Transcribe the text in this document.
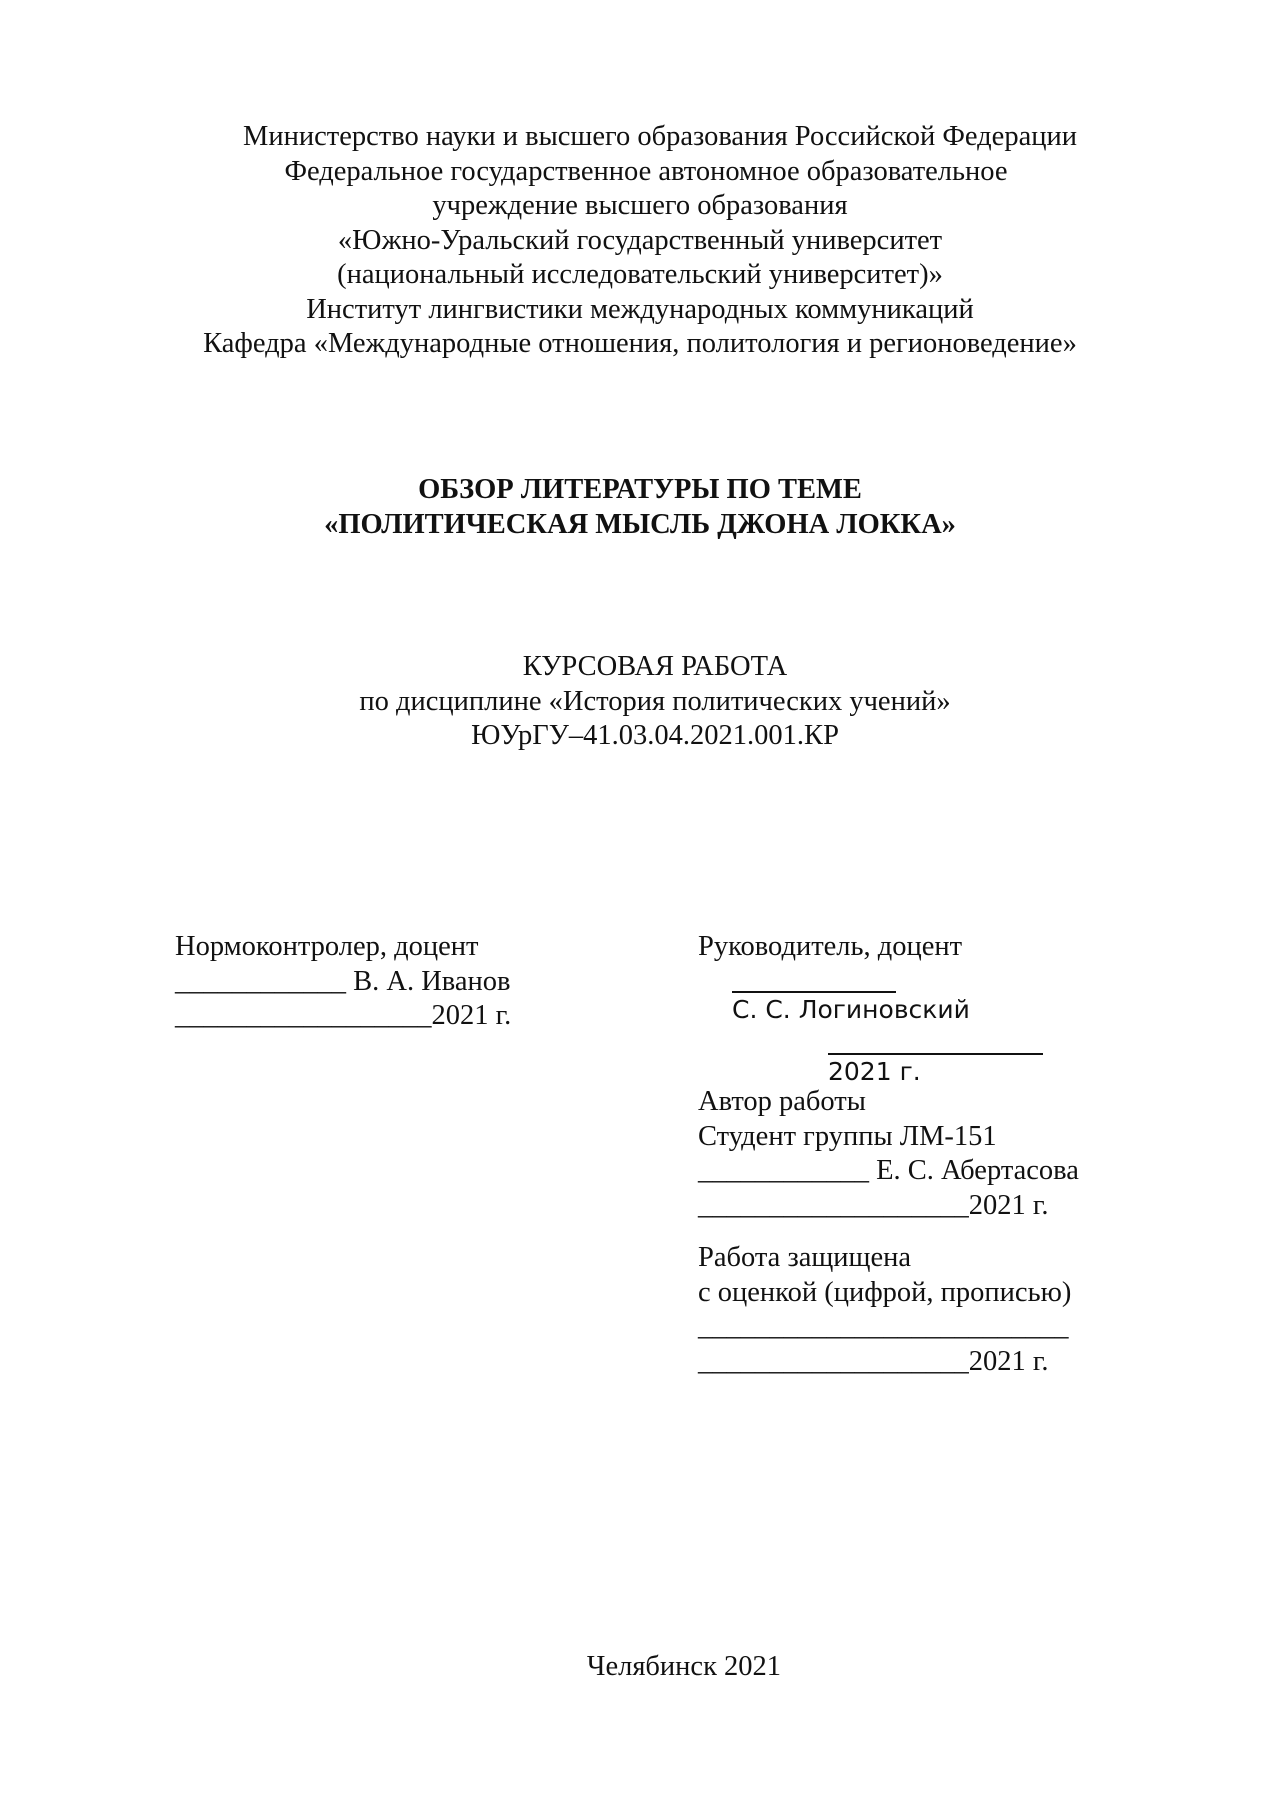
Министерство науки и высшего образования Российской Федерации
Федеральное государственное автономное образовательное
учреждение высшего образования
«Южно-Уральский государственный университет
(национальный исследовательский университет)»
Институт лингвистики международных коммуникаций
Кафедра «Международные отношения, политология и регионоведение»
ОБЗОР ЛИТЕРАТУРЫ ПО ТЕМЕ
«ПОЛИТИЧЕСКАЯ МЫСЛЬ ДЖОНА ЛОККА»
КУРСОВАЯ РАБОТА
по дисциплине «История политических учений»
ЮУрГУ–41.03.04.2021.001.КР
Нормоконтролер, доцент
____________ В. А. Иванов
__________________2021 г.
Руководитель, доцент
С. С. Логиновский
2021 г.
Автор работы
Студент группы ЛМ-151
____________ Е. С. Абертасова
___________________2021 г.
Работа защищена
с оценкой (цифрой, прописью)
__________________________
___________________2021 г.
Челябинск 2021
